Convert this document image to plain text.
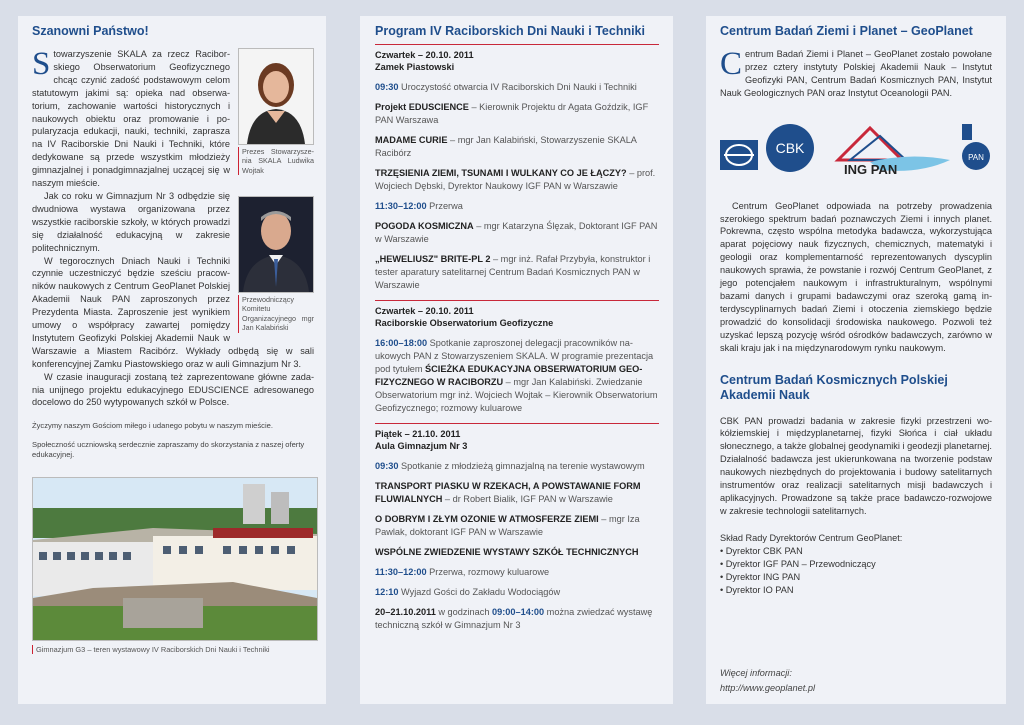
Szanowni Państwo!
Prezes Stowarzyszenia SKALA Ludwika Wojtak

Stowarzyszenie SKALA za rzecz Raciborskiego Obserwatorium Geofizycznego chcąc czynić zadość podstawowym celom statutowym jakimi są: opieka nad obserwatorium, zachowanie wartości historycznych i naukowych obiektu oraz promowanie i popularyzacja edukacji, nauki, techniki, zaprasza na IV Raciborskie Dni Nauki i Techniki, które dedykowane są przede wszystkim młodzieży gimnazjalnej i ponadgimnazjalnej uczącej się w naszym mieście.

Przewodniczący Komitetu Organizacyjnego mgr Jan Kalabiński

Jak co roku w Gimnazjum Nr 3 odbędzie się dwudniowa wystawa organizowana przez wszystkie raciborskie szkoły, w których prowadzi się działalność edukacyjną w zakresie politechnicznym.

W tegorocznych Dniach Nauki i Techniki czynnie uczestniczyć będzie sześciu pracowników naukowych z Centrum GeoPlanet Polskiej Akademii Nauk PAN zaproszonych przez Prezydenta Miasta. Zaproszenie jest wynikiem umowy o współpracy zawartej pomiędzy Instytutem Geofizyki Polskiej Akademii Nauk w Warszawie a Miastem Racibórz. Wykłady odbędą się w sali konferencyjnej Zamku Piastowskiego oraz w auli Gimnazjum Nr 3.

W czasie inauguracji zostaną też zaprezentowane główne zadania unijnego projektu edukacyjnego EDUSCIENCE adresowanego docelowo do 250 wytypowanych szkół w Polsce.

Życzymy naszym Gościom miłego i udanego pobytu w naszym mieście.

Społeczność uczniowską serdecznie zapraszamy do skorzystania z naszej oferty edukacyjnej.

Gimnazjum G3 – teren wystawowy IV Raciborskich Dni Nauki i Techniki
Program IV Raciborskich Dni Nauki i Techniki
Czwartek – 20.10. 2011
Zamek Piastowski
09:30 Uroczystość otwarcia IV Raciborskich Dni Nauki i Techniki
Projekt EDUSCIENCE – Kierownik Projektu dr Agata Goździk, IGF PAN Warszawa
MADAME CURIE – mgr Jan Kalabiński, Stowarzyszenie SKALA Racibórz
TRZĘSIENIA ZIEMI, TSUNAMI I WULKANY CO JE ŁĄCZY? – prof. Wojciech Dębski, Dyrektor Naukowy IGF PAN w Warszawie
11:30–12:00 Przerwa
POGODA KOSMICZNA – mgr Katarzyna Ślęzak, Doktorant IGF PAN w Warszawie
„HEWELIUSZ" BRITE-PL 2 – mgr inż. Rafał Przybyła, konstruktor i tester aparatury satelitarnej Centrum Badań Kosmicznych PAN w Warszawie
Czwartek – 20.10. 2011
Raciborskie Obserwatorium Geofizyczne
16:00–18:00 Spotkanie zaproszonej delegacji pracowników naukowych PAN z Stowarzyszeniem SKALA. W programie prezentacja pod tytułem ŚCIEŻKA EDUKACYJNA OBSERWATORIUM GEOFIZYCZNEGO W RACIBORZU – mgr Jan Kalabiński. Zwiedzanie Obserwatorium mgr inż. Wojciech Wojtak – Kierownik Obserwatorium Geofizycznego; rozmowy kuluarowe
Piątek – 21.10. 2011
Aula Gimnazjum Nr 3
09:30 Spotkanie z młodzieżą gimnazjalną na terenie wystawowym
TRANSPORT PIASKU W RZEKACH, A POWSTAWANIE FORM FLUWIALNYCH – dr Robert Bialik, IGF PAN w Warszawie
O DOBRYM I ZŁYM OZONIE W ATMOSFERZE ZIEMI – mgr Iza Pawlak, doktorant IGF PAN w Warszawie
WSPÓLNE ZWIEDZENIE WYSTAWY SZKÓŁ TECHNICZNYCH
11:30–12:00 Przerwa, rozmowy kuluarowe
12:10 Wyjazd Gości do Zakładu Wodociągów
20–21.10.2011 w godzinach 09:00–14:00 można zwiedzać wystawę techniczną szkół w Gimnazjum Nr 3
Centrum Badań Ziemi i Planet – GeoPlanet

Centrum Badań Ziemi i Planet – GeoPlanet zostało powołane przez cztery instytuty Polskiej Akademii Nauk – Instytut Geofizyki PAN, Centrum Badań Kosmicznych PAN, Instytut Nauk Geologicznych PAN oraz Instytut Oceanologii PAN.

CBK
ING PAN
PAN

Centrum GeoPlanet odpowiada na potrzeby prowadzenia szerokiego spektrum badań poznawczych Ziemi i innych planet. Pokrewna, często wspólna metodyka badawcza, wykorzystująca aparat pojęciowy nauk fizycznych, chemicznych, matematyki i geologii oraz komplementarność reprezentowanych dyscyplin naukowych sprawia, że powstanie i rozwój Centrum GeoPlanet, z jego potencjałem naukowym i infrastrukturalnym, wspólnymi bazami danych i grupami badawczymi oraz szeroką gamą interdyscyplinarnych badań Ziemi i otoczenia ziemskiego będzie prowadzić do konsolidacji środowiska naukowego. Pozwoli też uzyskać lepszą pozycję wśród ośrodków badawczych, zarówno w skali kraju jak i na międzynarodowym rynku naukowym.

Centrum Badań Kosmicznych Polskiej Akademii Nauk

CBK PAN prowadzi badania w zakresie fizyki przestrzeni wokółziemskiej i międzyplanetarnej, fizyki Słońca i ciał układu słonecznego, a także globalnej geodynamiki i geodezji planetarnej. Działalność badawcza jest ukierunkowana na tworzenie podstaw naukowych niezbędnych do projektowania i budowy satelitarnych instrumentów oraz realizacji satelitarnych misji badawczych i aplikacyjnych. Prowadzone są także prace badawczo-rozwojowe w zakresie technologii satelitarnych.

Skład Rady Dyrektorów Centrum GeoPlanet:
• Dyrektor CBK PAN
• Dyrektor IGF PAN – Przewodniczący
• Dyrektor ING PAN
• Dyrektor IO PAN
Więcej informacji:
http://www.geoplanet.pl
